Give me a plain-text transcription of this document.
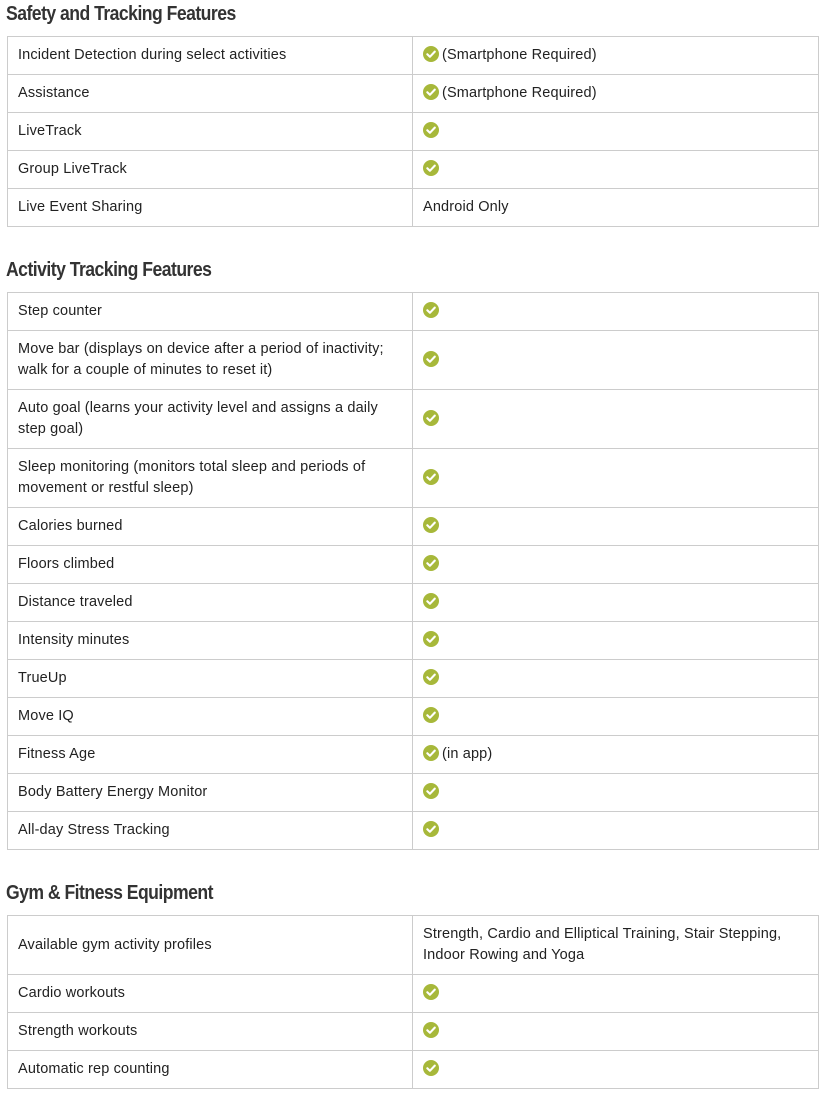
Safety and Tracking Features
Incident Detection during select activities	(Smartphone Required)
Assistance	(Smartphone Required)
LiveTrack	

Group LiveTrack	

Live Event Sharing	Android Only
Activity Tracking Features
Step counter	

Move bar (displays on device after a period of inactivity; walk for a couple of minutes to reset it)	

Auto goal (learns your activity level and assigns a daily step goal)	

Sleep monitoring (monitors total sleep and periods of movement or restful sleep)	

Calories burned	

Floors climbed	

Distance traveled	

Intensity minutes	

TrueUp	

Move IQ	

Fitness Age	(in app)
Body Battery Energy Monitor	

All-day Stress Tracking	
Gym & Fitness Equipment
Available gym activity profiles	Strength, Cardio and Elliptical Training, Stair Stepping, Indoor Rowing and Yoga
Cardio workouts	

Strength workouts	

Automatic rep counting	
